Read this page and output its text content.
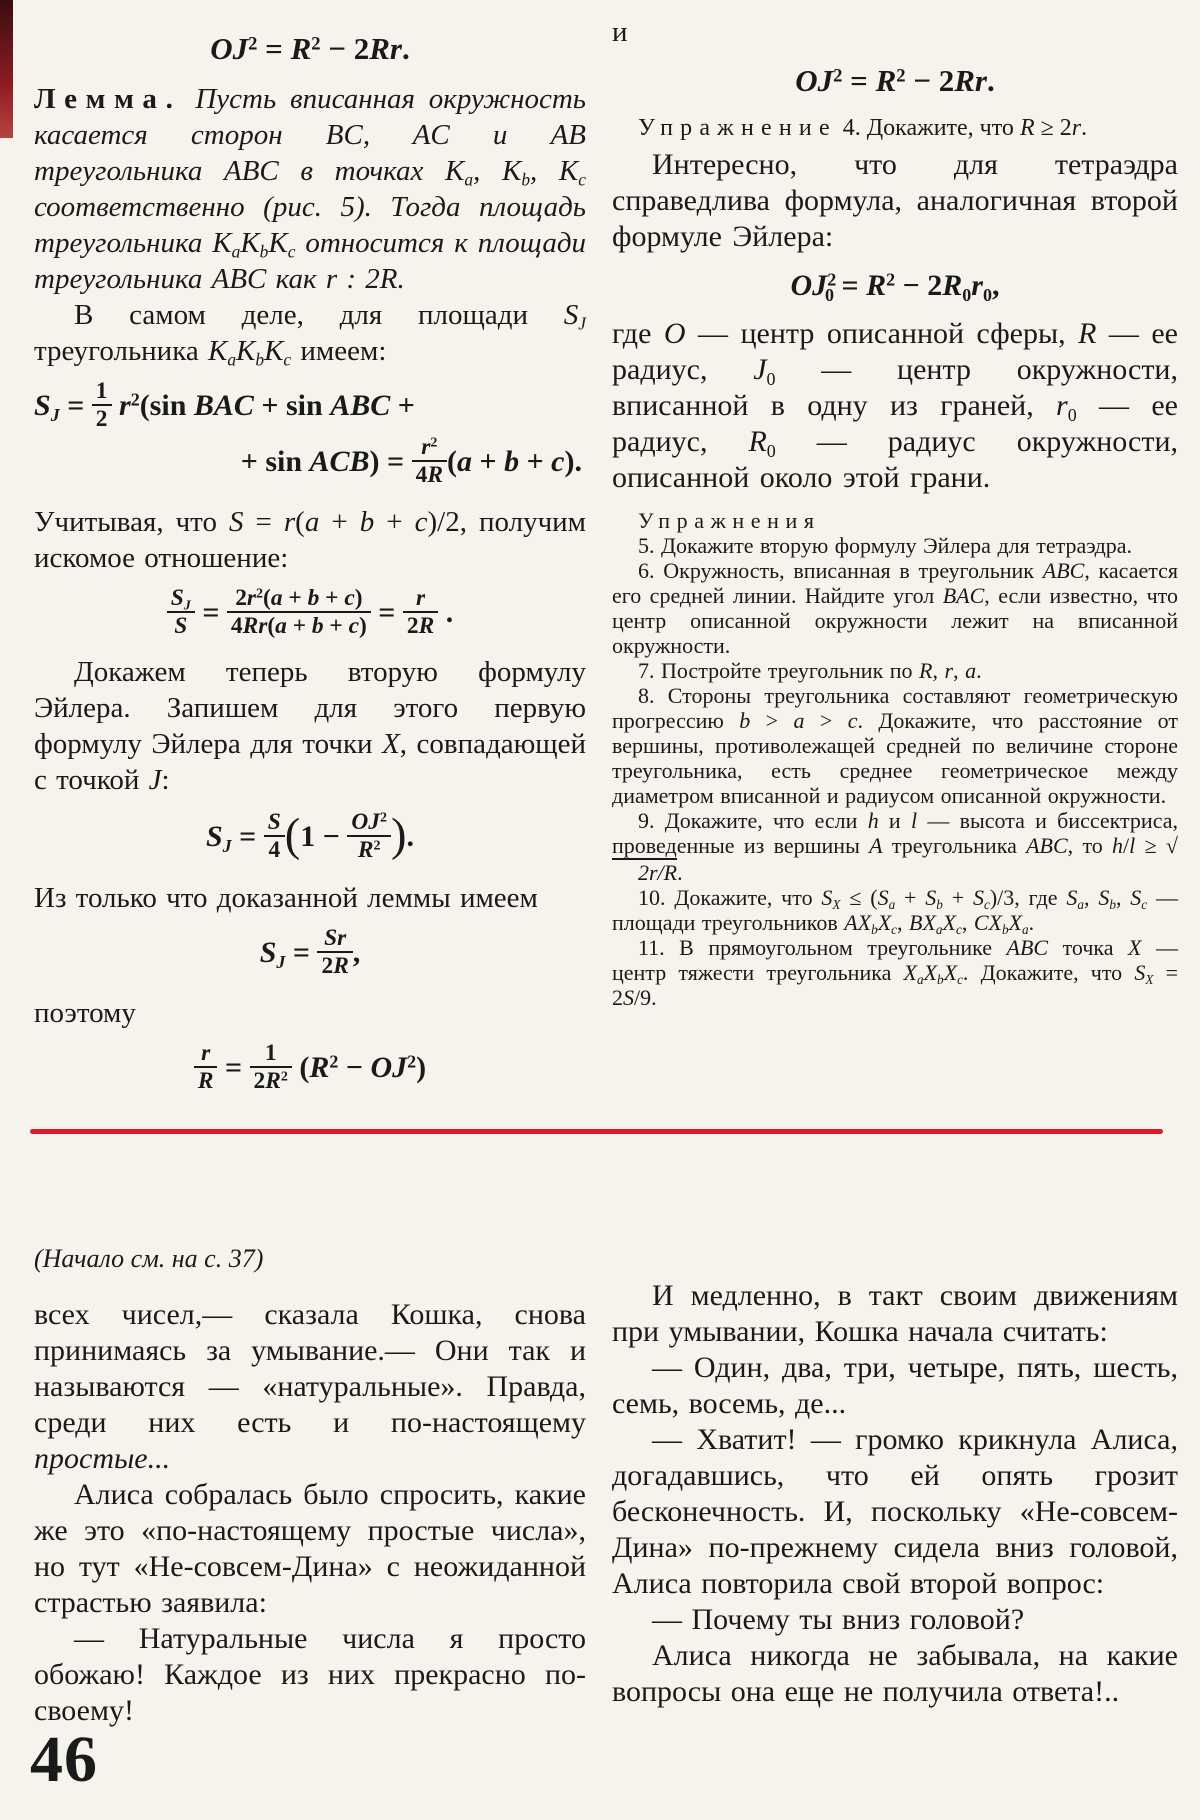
$OJ^2 = R^2 - 2Rr$.

Лемма. Пусть вписанная окружность касается сторон BC, AC и AB треугольника ABC в точках $K_a$, $K_b$, $K_c$ соответственно (рис. 5). Тогда площадь треугольника $K_aK_bK_c$ относится к площади треугольника ABC как r : 2R.

В самом деле, для площади $S_J$ треугольника $K_aK_bK_c$ имеем:

$S_J = \frac{1}{2} r^2(\sin$ BAC + sin ABC +
+ $\sin ACB) = \frac{r^2}{4R} (a + b + c)$.

Учитывая, что S = r(a + b + c)/2, получим искомое отношение:

$\frac{S_J}{S} = \frac{2r^2(a + b + c)}{4Rr(a + b + c)} = \frac{r}{2R}$ .

Докажем теперь вторую формулу Эйлера. Запишем для этого первую формулу Эйлера для точки X, совпадающей с точкой J:

$S_J = \frac{S}{4} (1 - \frac{OJ^2}{R^2}$ ).

Из только что доказанной леммы имеем

$S_J = \frac{Sr}{2R}$ ,

поэтому

$\frac{r}{R} = \frac{1}{2R^2} (R^2 - OJ^2)$

и

$OJ^2 = R^2 - 2Rr$.

Упражнение 4. Докажите, что R ≥ 2r.

Интересно, что для тетраэдра справедлива формула, аналогичная второй формуле Эйлера:

$OJ^2_0 = R^2 - 2R_0r_0$,

где O — центр описанной сферы, R — ее радиус, $J_0$ — центр окружности, вписанной в одну из граней, $r_0$ — ее радиус, $R_0$ — радиус окружности, описанной около этой грани.

Упражнения

5. Докажите вторую формулу Эйлера для тетраэдра.

6. Окружность, вписанная в треугольник ABC, касается его средней линии. Найдите угол BAC, если известно, что центр описанной окружности лежит на вписанной окружности.

7. Постройте треугольник по R, r, a.

8. Стороны треугольника составляют геометрическую прогрессию b > a > c. Докажите, что расстояние от вершины, противолежащей средней по величине стороне треугольника, есть среднее геометрическое между диаметром вписанной и радиусом описанной окружности.

9. Докажите, что если h и l — высота и биссектриса, проведенные из вершины A треугольника ABC, то h/l ≥ √2r/R.

10. Докажите, что $S_X \le (S_a + S_b + S_c)/3$, где $S_a$, $S_b$, $S_c$ — площади треугольников $AX_bX_c$, $BX_aX_c$, $CX_bX_a$.

11. В прямоугольном треугольнике ABC точка X — центр тяжести треугольника $X_aX_bX_c$. Докажите, что $S_X = 2S/9$.

(Начало см. на с. 37)

всех чисел,— сказала Кошка, снова принимаясь за умывание.— Они так и называются — «натуральные». Правда, среди них есть и по-настоящему простые...

Алиса собралась было спросить, какие же это «по-настоящему простые числа», но тут «Не-совсем-Дина» с неожиданной страстью заявила:

— Натуральные числа я просто обожаю! Каждое из них прекрасно по-своему!

И медленно, в такт своим движениям при умывании, Кошка начала считать:

— Один, два, три, четыре, пять, шесть, семь, восемь, де...

— Хватит! — громко крикнула Алиса, догадавшись, что ей опять грозит бесконечность. И, поскольку «Не-совсем-Дина» по-прежнему сидела вниз головой, Алиса повторила свой второй вопрос:

— Почему ты вниз головой?

Алиса никогда не забывала, на какие вопросы она еще не получила ответа!..

46
